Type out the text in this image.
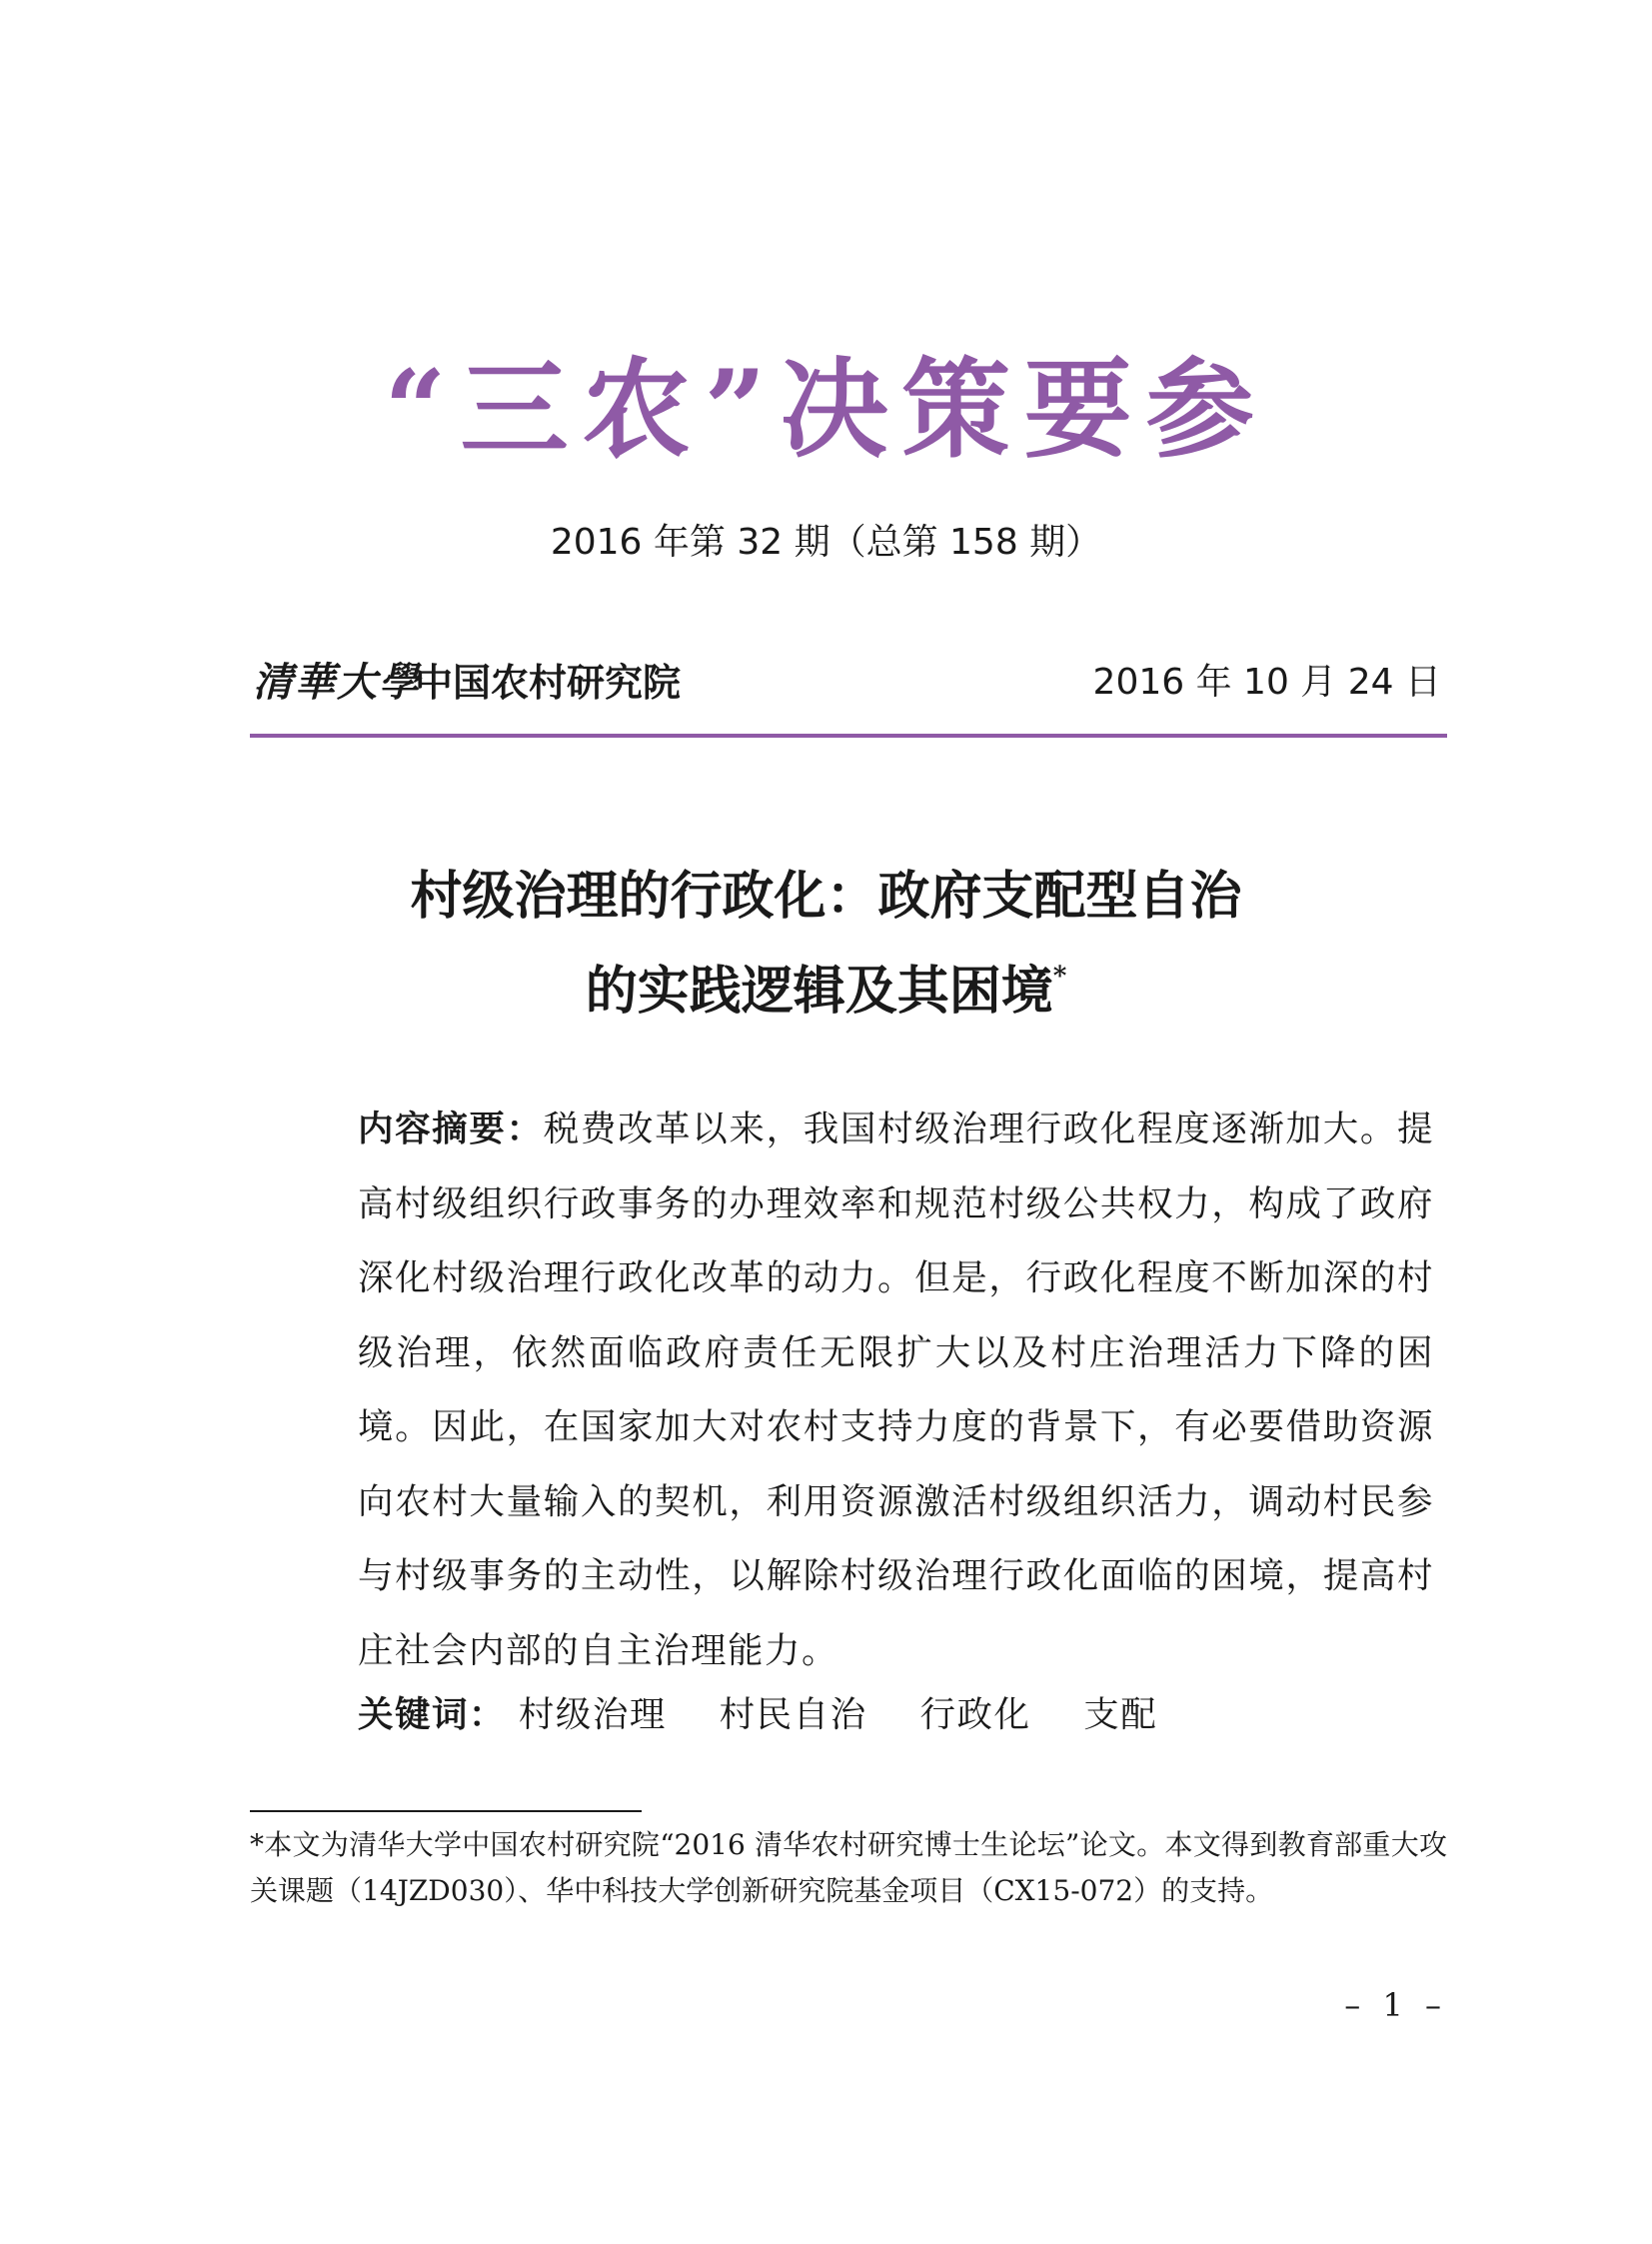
“三农”决策要参
2016 年第 32 期（总第 158 期）
清華大學
中国农村研究院	2016 年 10 月 24 日
村级治理的行政化：政府支配型自治
的实践逻辑及其困境*
内容摘要：税费改革以来，我国村级治理行政化程度逐渐加大。提高村级组织行政事务的办理效率和规范村级公共权力，构成了政府深化村级治理行政化改革的动力。但是，行政化程度不断加深的村级治理，依然面临政府责任无限扩大以及村庄治理活力下降的困境。因此，在国家加大对农村支持力度的背景下，有必要借助资源向农村大量输入的契机，利用资源激活村级组织活力，调动村民参与村级事务的主动性，以解除村级治理行政化面临的困境，提高村庄社会内部的自主治理能力。
关键词： 村级治理 村民自治 行政化 支配
*本文为清华大学中国农村研究院“2016 清华农村研究博士生论坛”论文。本文得到教育部重大攻关课题（14JZD030）、华中科技大学创新研究院基金项目（CX15-072）的支持。
– 1 –
